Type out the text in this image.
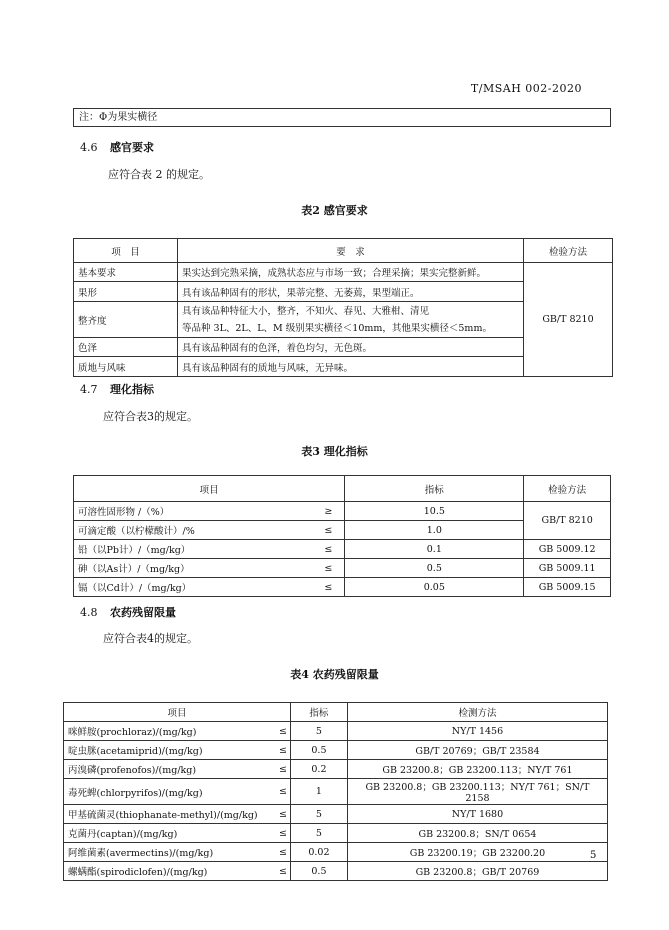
T/MSAH 002-2020
注：Φ为果实横径
4.6 感官要求
应符合表 2 的规定。
表2 感官要求
项　目	要　求	检验方法
基本要求	果实达到完熟采摘，成熟状态应与市场一致；合理采摘；果实完整新鲜。	GB/T 8210
果形	具有该品种固有的形状，果蒂完整、无萎蔫，果型端正。	
整齐度	具有该品种特征大小，整齐，不知火、春见、大雅柑、清见
等品种 3L、2L、L、M 级别果实横径＜10mm，其他果实横径＜5mm。	

色泽	具有该品种固有的色泽，着色均匀，无色斑。	
质地与风味	具有该品种固有的质地与风味，无异味。	
4.7 理化指标
应符合表3的规定。
表3 理化指标
项目		指标	检验方法
可溶性固形物 /（%）	≥	10.5	GB/T 8210
可滴定酸（以柠檬酸计）/%	≤	1.0	
铅（以Pb计）/（mg/kg）	≤	0.1	GB 5009.12
砷（以As计）/（mg/kg）	≤	0.5	GB 5009.11
镉（以Cd计）/（mg/kg）	≤	0.05	GB 5009.15
4.8 农药残留限量
应符合表4的规定。
表4 农药残留限量
项目		指标	检测方法
咪鲜胺(prochloraz)/(mg/kg)	≤	5	NY/T 1456
啶虫脒(acetamiprid)/(mg/kg)	≤	0.5	GB/T 20769；GB/T 23584
丙溴磷(profenofos)/(mg/kg)	≤	0.2	GB 23200.8；GB 23200.113；NY/T 761
毒死蜱(chlorpyrifos)/(mg/kg)	≤	1	GB 23200.8；GB 23200.113；NY/T 761；SN/T 2158
甲基硫菌灵(thiophanate-methyl)/(mg/kg)	≤	5	NY/T 1680
克菌丹(captan)/(mg/kg)	≤	5	GB 23200.8；SN/T 0654
阿维菌素(avermectins)/(mg/kg)	≤	0.02	GB 23200.19；GB 23200.20
螺螨酯(spirodiclofen)/(mg/kg)	≤	0.5	GB 23200.8；GB/T 20769
5
